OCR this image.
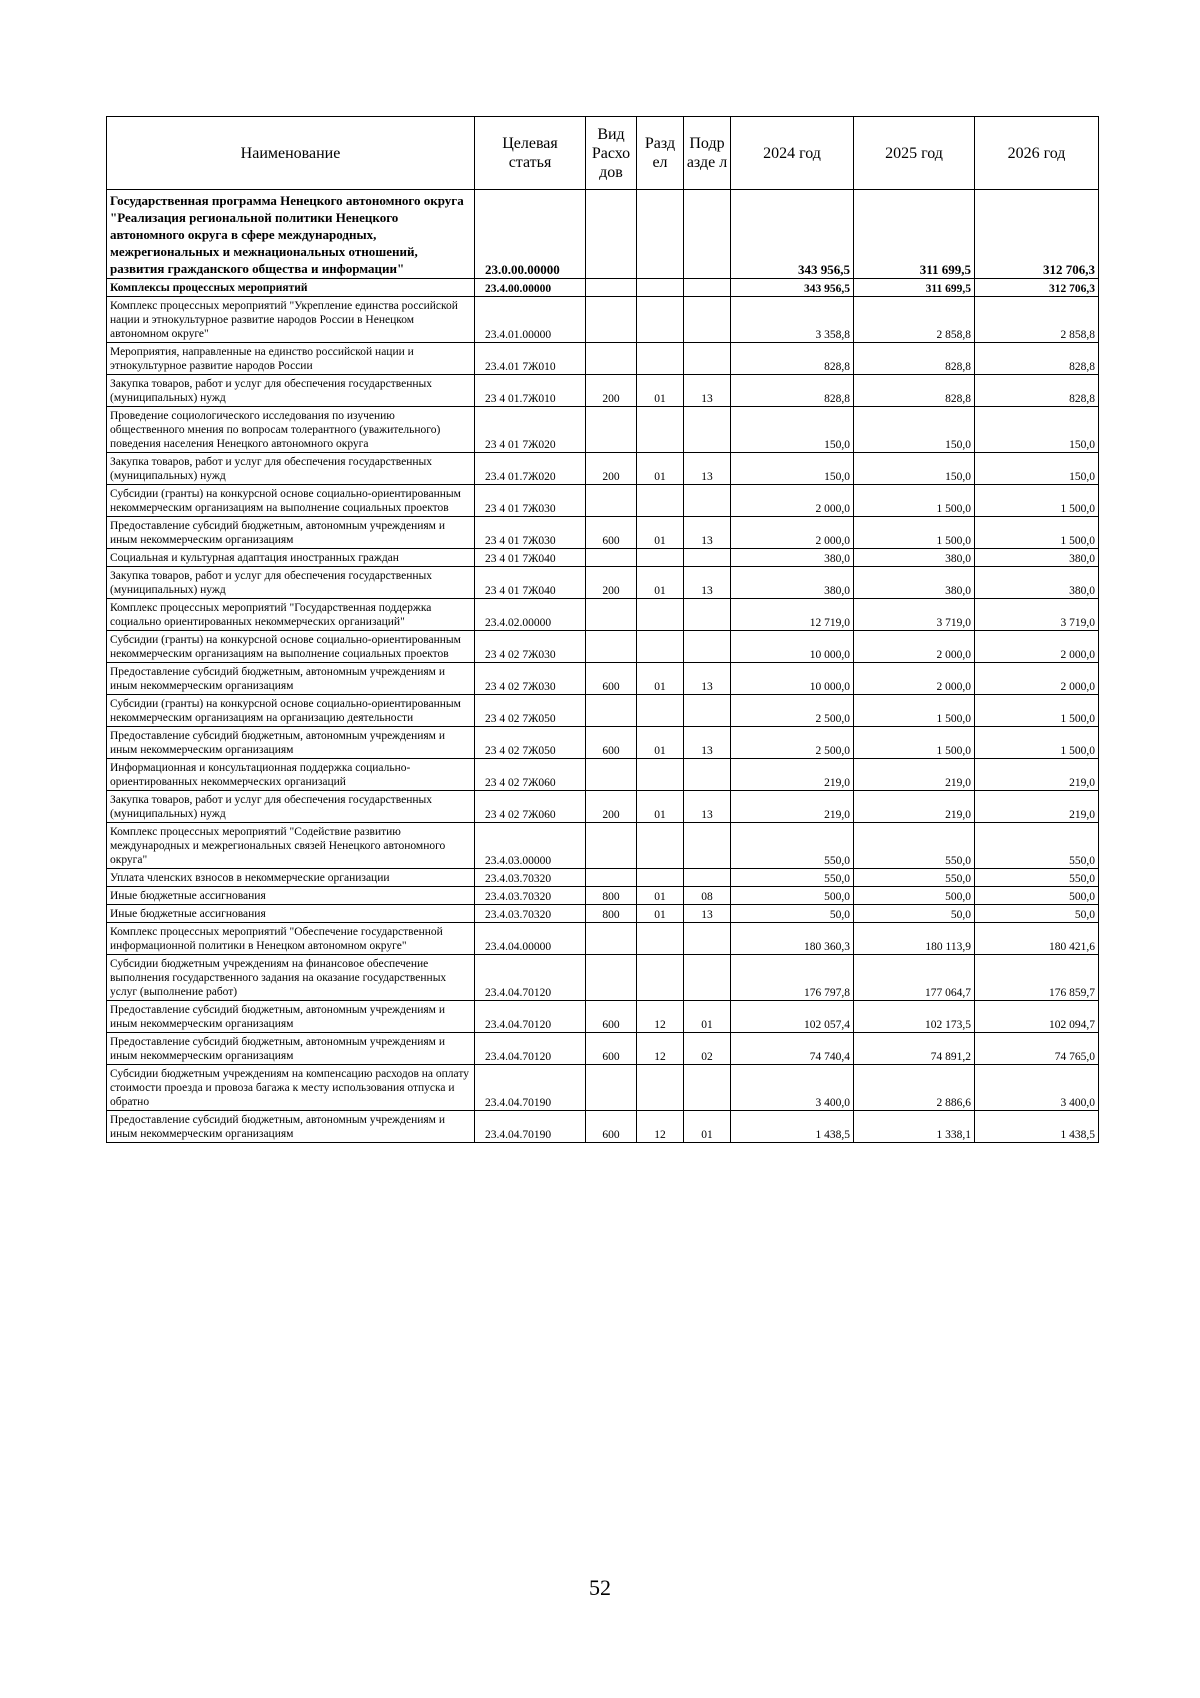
Наименование	Целевая статья	Вид Расхо дов	Разд ел	Подр азде л	2024 год	2025 год	2026 год
Государственная программа Ненецкого автономного округа "Реализация региональной политики Ненецкого автономного округа в сфере международных, межрегиональных и межнациональных отношений, развития гражданского общества и информации"	23.0.00.00000				343 956,5	311 699,5	312 706,3
Комплексы процессных мероприятий	23.4.00.00000				343 956,5	311 699,5	312 706,3
Комплекс процессных мероприятий "Укрепление единства российской нации и этнокультурное развитие народов России в Ненецком автономном округе"	23.4.01.00000				3 358,8	2 858,8	2 858,8
Мероприятия, направленные на единство российской нации и этнокультурное развитие народов России	23.4.01 7Ж010				828,8	828,8	828,8
Закупка товаров, работ и услуг для обеспечения государственных (муниципальных) нужд	23 4 01.7Ж010	200	01	13	828,8	828,8	828,8
Проведение социологического исследования по изучению общественного мнения по вопросам толерантного (уважительного) поведения населения Ненецкого автономного округа	23 4 01 7Ж020				150,0	150,0	150,0
Закупка товаров, работ и услуг для обеспечения государственных (муниципальных) нужд	23.4 01.7Ж020	200	01	13	150,0	150,0	150,0
Субсидии (гранты) на конкурсной основе социально-ориентированным некоммерческим организациям на выполнение социальных проектов	23 4 01 7Ж030				2 000,0	1 500,0	1 500,0
Предоставление субсидий бюджетным, автономным учреждениям и иным некоммерческим организациям	23 4 01 7Ж030	600	01	13	2 000,0	1 500,0	1 500,0
Социальная и культурная адаптация иностранных граждан	23 4 01 7Ж040				380,0	380,0	380,0
Закупка товаров, работ и услуг для обеспечения государственных (муниципальных) нужд	23 4 01 7Ж040	200	01	13	380,0	380,0	380,0
Комплекс процессных мероприятий "Государственная поддержка социально ориентированных некоммерческих организаций"	23.4.02.00000				12 719,0	3 719,0	3 719,0
Субсидии (гранты) на конкурсной основе социально-ориентированным некоммерческим организациям на выполнение социальных проектов	23 4 02 7Ж030				10 000,0	2 000,0	2 000,0
Предоставление субсидий бюджетным, автономным учреждениям и иным некоммерческим организациям	23 4 02 7Ж030	600	01	13	10 000,0	2 000,0	2 000,0
Субсидии (гранты) на конкурсной основе социально-ориентированным некоммерческим организациям на организацию деятельности	23 4 02 7Ж050				2 500,0	1 500,0	1 500,0
Предоставление субсидий бюджетным, автономным учреждениям и иным некоммерческим организациям	23 4 02 7Ж050	600	01	13	2 500,0	1 500,0	1 500,0
Информационная и консультационная поддержка социально-ориентированных некоммерческих организаций	23 4 02 7Ж060				219,0	219,0	219,0
Закупка товаров, работ и услуг для обеспечения государственных (муниципальных) нужд	23 4 02 7Ж060	200	01	13	219,0	219,0	219,0
Комплекс процессных мероприятий "Содействие развитию международных и межрегиональных связей Ненецкого автономного округа"	23.4.03.00000				550,0	550,0	550,0
Уплата членских взносов в некоммерческие организации	23.4.03.70320				550,0	550,0	550,0
Иные бюджетные ассигнования	23.4.03.70320	800	01	08	500,0	500,0	500,0
Иные бюджетные ассигнования	23.4.03.70320	800	01	13	50,0	50,0	50,0
Комплекс процессных мероприятий "Обеспечение государственной информационной политики в Ненецком автономном округе"	23.4.04.00000				180 360,3	180 113,9	180 421,6
Субсидии бюджетным учреждениям на финансовое обеспечение выполнения государственного задания на оказание государственных услуг (выполнение работ)	23.4.04.70120				176 797,8	177 064,7	176 859,7
Предоставление субсидий бюджетным, автономным учреждениям и иным некоммерческим организациям	23.4.04.70120	600	12	01	102 057,4	102 173,5	102 094,7
Предоставление субсидий бюджетным, автономным учреждениям и иным некоммерческим организациям	23.4.04.70120	600	12	02	74 740,4	74 891,2	74 765,0
Субсидии бюджетным учреждениям на компенсацию расходов на оплату стоимости проезда и провоза багажа к месту использования отпуска и обратно	23.4.04.70190				3 400,0	2 886,6	3 400,0
Предоставление субсидий бюджетным, автономным учреждениям и иным некоммерческим организациям	23.4.04.70190	600	12	01	1 438,5	1 338,1	1 438,5
52
